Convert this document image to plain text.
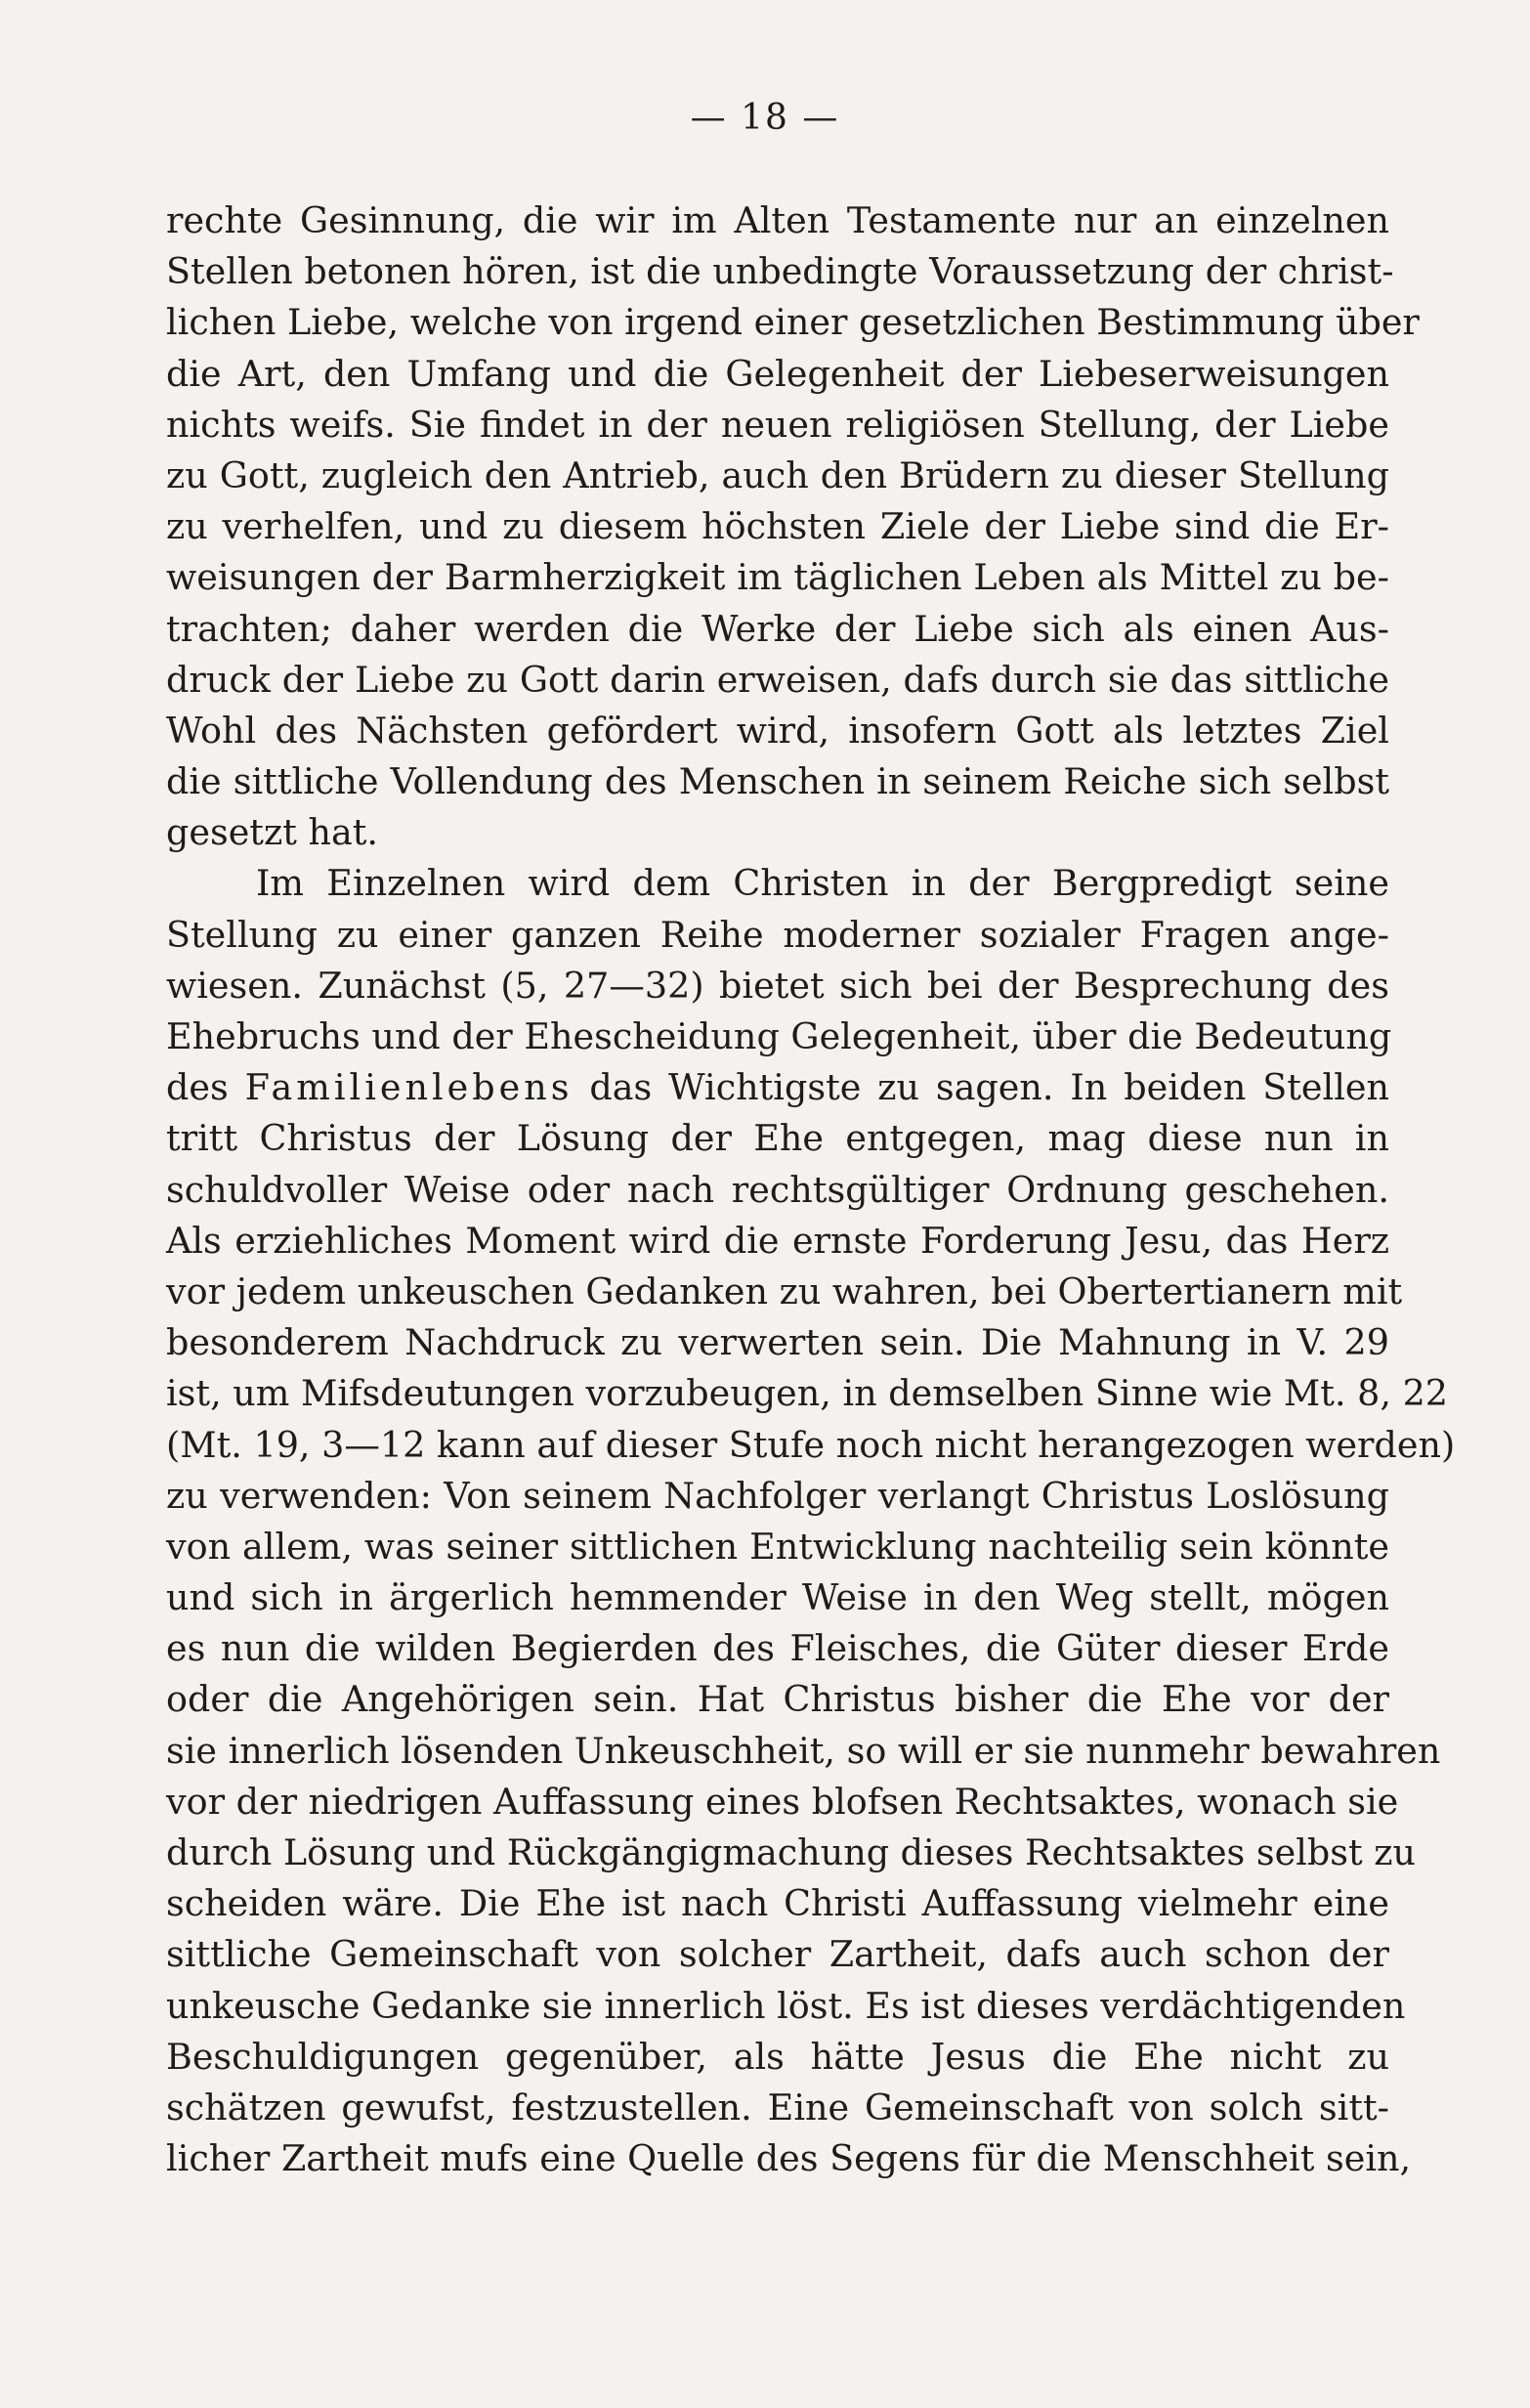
— 18 —
rechte Gesinnung, die wir im Alten Testamente nur an einzelnen
Stellen betonen hören, ist die unbedingte Voraussetzung der christ-
lichen Liebe, welche von irgend einer gesetzlichen Bestimmung über
die Art, den Umfang und die Gelegenheit der Liebeserweisungen
nichts weifs. Sie findet in der neuen religiösen Stellung, der Liebe
zu Gott, zugleich den Antrieb, auch den Brüdern zu dieser Stellung
zu verhelfen, und zu diesem höchsten Ziele der Liebe sind die Er-
weisungen der Barmherzigkeit im täglichen Leben als Mittel zu be-
trachten; daher werden die Werke der Liebe sich als einen Aus-
druck der Liebe zu Gott darin erweisen, dafs durch sie das sittliche
Wohl des Nächsten gefördert wird, insofern Gott als letztes Ziel
die sittliche Vollendung des Menschen in seinem Reiche sich selbst
gesetzt hat.
Im Einzelnen wird dem Christen in der Bergpredigt seine
Stellung zu einer ganzen Reihe moderner sozialer Fragen ange-
wiesen. Zunächst (5, 27—32) bietet sich bei der Besprechung des
Ehebruchs und der Ehescheidung Gelegenheit, über die Bedeutung
des Familienlebens das Wichtigste zu sagen. In beiden Stellen
tritt Christus der Lösung der Ehe entgegen, mag diese nun in
schuldvoller Weise oder nach rechtsgültiger Ordnung geschehen.
Als erziehliches Moment wird die ernste Forderung Jesu, das Herz
vor jedem unkeuschen Gedanken zu wahren, bei Obertertianern mit
besonderem Nachdruck zu verwerten sein. Die Mahnung in V. 29
ist, um Mifsdeutungen vorzubeugen, in demselben Sinne wie Mt. 8, 22
(Mt. 19, 3—12 kann auf dieser Stufe noch nicht herangezogen werden)
zu verwenden: Von seinem Nachfolger verlangt Christus Loslösung
von allem, was seiner sittlichen Entwicklung nachteilig sein könnte
und sich in ärgerlich hemmender Weise in den Weg stellt, mögen
es nun die wilden Begierden des Fleisches, die Güter dieser Erde
oder die Angehörigen sein. Hat Christus bisher die Ehe vor der
sie innerlich lösenden Unkeuschheit, so will er sie nunmehr bewahren
vor der niedrigen Auffassung eines blofsen Rechtsaktes, wonach sie
durch Lösung und Rückgängigmachung dieses Rechtsaktes selbst zu
scheiden wäre. Die Ehe ist nach Christi Auffassung vielmehr eine
sittliche Gemeinschaft von solcher Zartheit, dafs auch schon der
unkeusche Gedanke sie innerlich löst. Es ist dieses verdächtigenden
Beschuldigungen gegenüber, als hätte Jesus die Ehe nicht zu
schätzen gewufst, festzustellen. Eine Gemeinschaft von solch sitt-
licher Zartheit mufs eine Quelle des Segens für die Menschheit sein,
